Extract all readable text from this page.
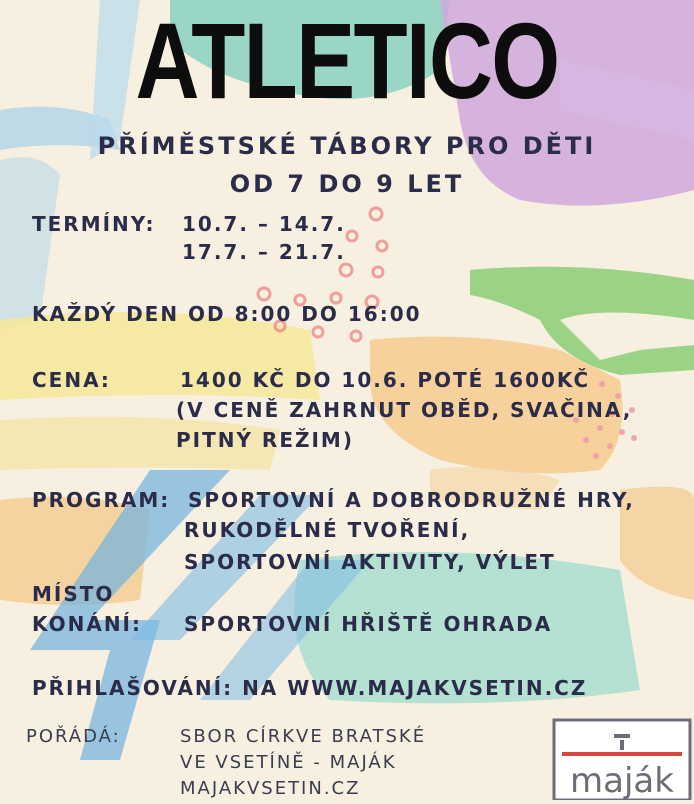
ATLETICO
PŘÍMĚSTSKÉ TÁBORY PRO DĚTI
OD 7 DO 9 LET
TERMÍNY: 10.7. – 14.7.
17.7. – 21.7.
KAŽDÝ DEN OD 8:00 DO 16:00
CENA:	1400 KČ DO 10.6. POTÉ 1600KČ
(V CENĚ ZAHRNUT OBĚD, SVAČINA,
PITNÝ REŽIM)
PROGRAM: SPORTOVNÍ A DOBRODRUŽNÉ HRY,
RUKODĚLNÉ TVOŘENÍ,
SPORTOVNÍ AKTIVITY, VÝLET
MÍSTO
KONÁNÍ: SPORTOVNÍ HŘIŠTĚ OHRADA
PŘIHLAŠOVÁNÍ: NA WWW.MAJAKVSETIN.CZ
POŘÁDÁ:	SBOR CÍRKVE BRATSKÉ
VE VSETÍNĚ - MAJÁK
MAJAKVSETIN.CZ	maják
